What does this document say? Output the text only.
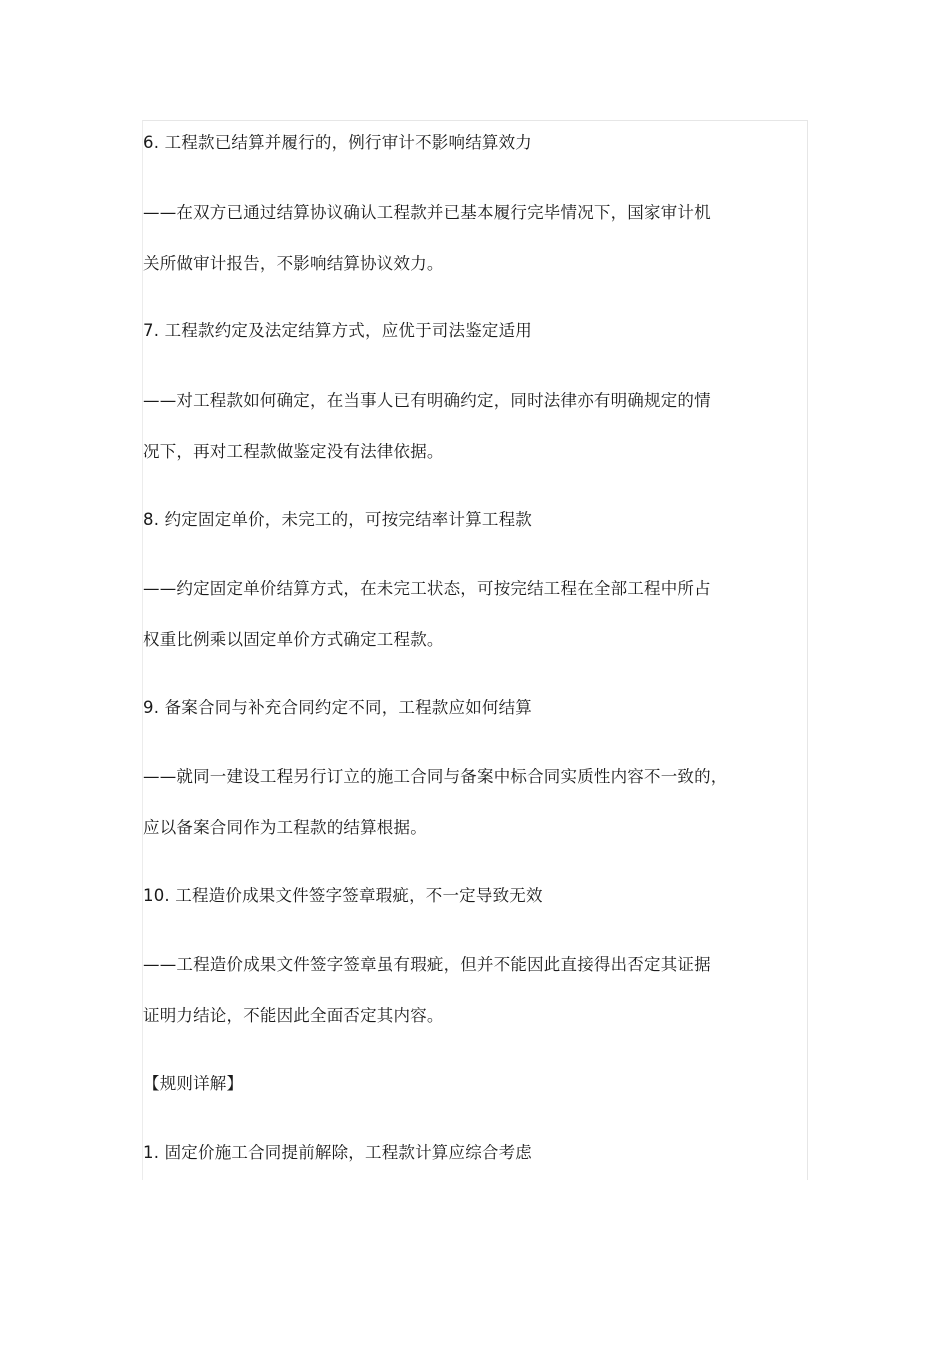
6. 工程款已结算并履行的，例行审计不影响结算效力

——在双方已通过结算协议确认工程款并已基本履行完毕情况下，国家审计机

关所做审计报告，不影响结算协议效力。

7. 工程款约定及法定结算方式，应优于司法鉴定适用

——对工程款如何确定，在当事人已有明确约定，同时法律亦有明确规定的情

况下，再对工程款做鉴定没有法律依据。

8. 约定固定单价，未完工的，可按完结率计算工程款

——约定固定单价结算方式，在未完工状态，可按完结工程在全部工程中所占

权重比例乘以固定单价方式确定工程款。

9. 备案合同与补充合同约定不同，工程款应如何结算

——就同一建设工程另行订立的施工合同与备案中标合同实质性内容不一致的，

应以备案合同作为工程款的结算根据。

10. 工程造价成果文件签字签章瑕疵，不一定导致无效

——工程造价成果文件签字签章虽有瑕疵，但并不能因此直接得出否定其证据

证明力结论，不能因此全面否定其内容。

【规则详解】

1. 固定价施工合同提前解除，工程款计算应综合考虑
